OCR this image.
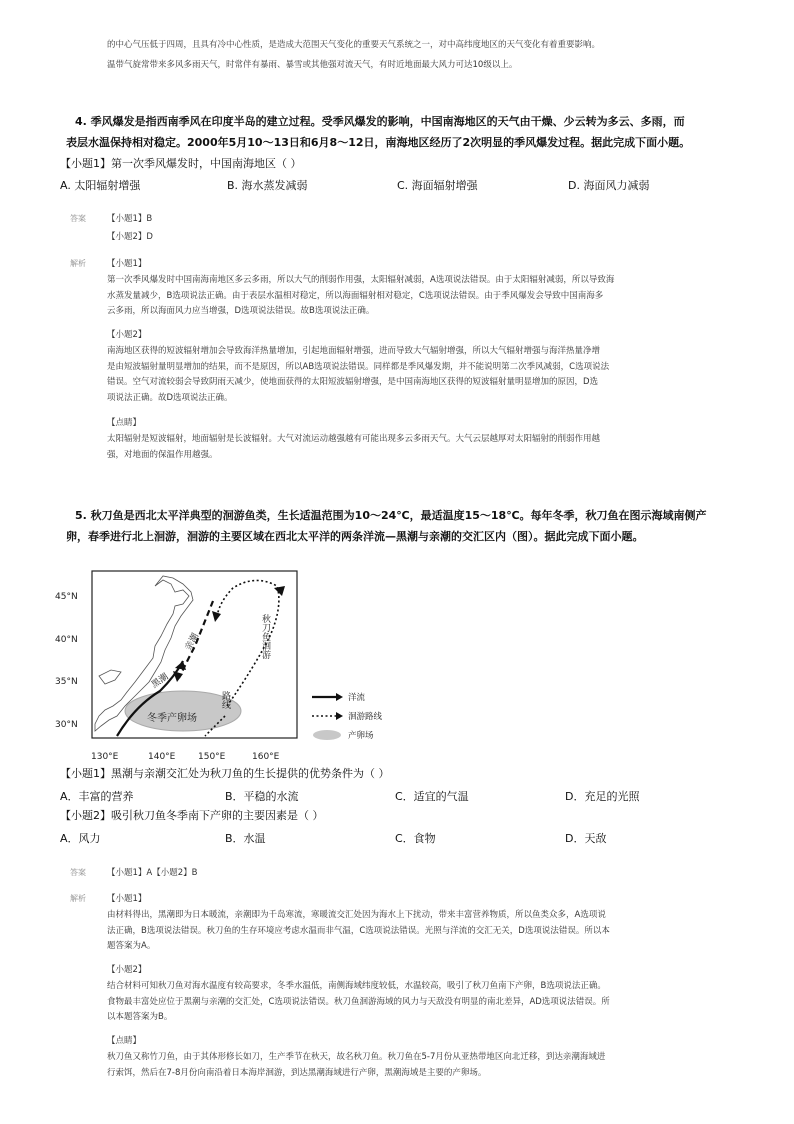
的中心气压低于四周，且具有冷中心性质，是造成大范围天气变化的重要天气系统之一，对中高纬度地区的天气变化有着重要影响。
温带气旋常带来多风多雨天气，时常伴有暴雨、暴雪或其他强对流天气，有时近地面最大风力可达10级以上。
4. 季风爆发是指西南季风在印度半岛的建立过程。受季风爆发的影响，中国南海地区的天气由干燥、少云转为多云、多雨，而
表层水温保持相对稳定。2000年5月10～13日和6月8～12日，南海地区经历了2次明显的季风爆发过程。据此完成下面小题。
【小题1】第一次季风爆发时，中国南海地区（ ）
A. 太阳辐射增强	B. 海水蒸发减弱	C. 海面辐射增强	D. 海面风力减弱
答案 【小题1】B
【小题2】D
解析 【小题1】

第一次季风爆发时中国南海南地区多云多雨，所以大气的削弱作用强，太阳辐射减弱，A选项说法错误。由于太阳辐射减弱，所以导致海

水蒸发量减少，B选项说法正确。由于表层水温相对稳定，所以海面辐射相对稳定，C选项说法错误。由于季风爆发会导致中国南海多

云多雨，所以海面风力应当增强，D选项说法错误。故B选项说法正确。

【小题2】

南海地区获得的短波辐射增加会导致海洋热量增加，引起地面辐射增强，进而导致大气辐射增强，所以大气辐射增强与海洋热量净增

是由短波辐射量明显增加的结果，而不是原因，所以AB选项说法错误。同样都是季风爆发期，并不能说明第二次季风减弱，C选项说法

错误。空气对流较弱会导致阴雨天减少，使地面获得的太阳短波辐射增强，是中国南海地区获得的短波辐射量明显增加的原因，D选

项说法正确。故D选项说法正确。

【点睛】

太阳辐射是短波辐射，地面辐射是长波辐射。大气对流运动越强越有可能出现多云多雨天气。大气云层越厚对太阳辐射的削弱作用越

强，对地面的保温作用越强。

5. 秋刀鱼是西北太平洋典型的洄游鱼类，生长适温范围为10～24℃，最适温度15～18℃。每年冬季，秋刀鱼在图示海域南侧产
卵，春季进行北上洄游，洄游的主要区域在西北太平洋的两条洋流—黑潮与亲潮的交汇区内（图）。据此完成下面小题。
45°N
40°N
35°N
30°N
130°E	140°E	150°E	160°E
冬季产卵场
黑潮
亲潮	秋刀鱼洄游
路线	洋流
洄游路线
产卵场
【小题1】黑潮与亲潮交汇处为秋刀鱼的生长提供的优势条件为（ ）
A．丰富的营养	B．平稳的水流	C．适宜的气温	D．充足的光照
【小题2】吸引秋刀鱼冬季南下产卵的主要因素是（ ）
A．风力	B．水温	C．食物	D．天敌
答案 【小题1】A【小题2】B
解析 【小题1】

由材料得出，黑潮即为日本暖流，亲潮即为千岛寒流，寒暖流交汇处因为海水上下扰动，带来丰富营养物质，所以鱼类众多，A选项说

法正确，B选项说法错误。秋刀鱼的生存环境应考虑水温而非气温，C选项说法错误。光照与洋流的交汇无关，D选项说法错误。所以本

题答案为A。

【小题2】

结合材料可知秋刀鱼对海水温度有较高要求，冬季水温低，南侧海域纬度较低，水温较高，吸引了秋刀鱼南下产卵，B选项说法正确。

食物最丰富处应位于黑潮与亲潮的交汇处，C选项说法错误。秋刀鱼洄游海域的风力与天敌没有明显的南北差异，AD选项说法错误。所

以本题答案为B。

【点睛】

秋刀鱼又称竹刀鱼，由于其体形修长如刀，生产季节在秋天，故名秋刀鱼。秋刀鱼在5-7月份从亚热带地区向北迁移，到达亲潮海域进

行索饵，然后在7-8月份向南沿着日本海岸洄游，到达黑潮海域进行产卵，黑潮海域是主要的产卵场。
